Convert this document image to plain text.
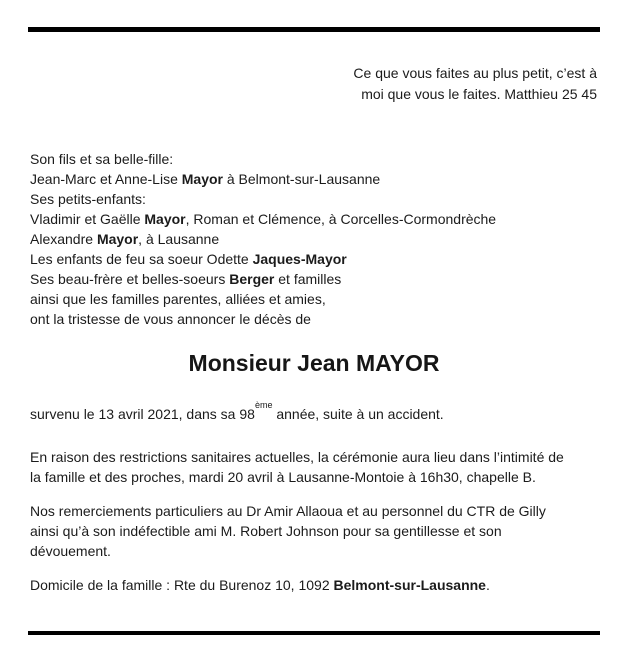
Ce que vous faites au plus petit, c’est à
moi que vous le faites. Matthieu 25 45
Son fils et sa belle-fille:
Jean-Marc et Anne-Lise Mayor à Belmont-sur-Lausanne
Ses petits-enfants:
Vladimir et Gaëlle Mayor, Roman et Clémence, à Corcelles-Cormondrèche
Alexandre Mayor, à Lausanne
Les enfants de feu sa soeur Odette Jaques-Mayor
Ses beau-frère et belles-soeurs Berger et familles
ainsi que les familles parentes, alliées et amies,
ont la tristesse de vous annoncer le décès de
Monsieur Jean MAYOR
survenu le 13 avril 2021, dans sa 98ème année, suite à un accident.
En raison des restrictions sanitaires actuelles, la cérémonie aura lieu dans l’intimité de
la famille et des proches, mardi 20 avril à Lausanne-Montoie à 16h30, chapelle B.
Nos remerciements particuliers au Dr Amir Allaoua et au personnel du CTR de Gilly
ainsi qu’à son indéfectible ami M. Robert Johnson pour sa gentillesse et son
dévouement.
Domicile de la famille : Rte du Burenoz 10, 1092 Belmont-sur-Lausanne.
